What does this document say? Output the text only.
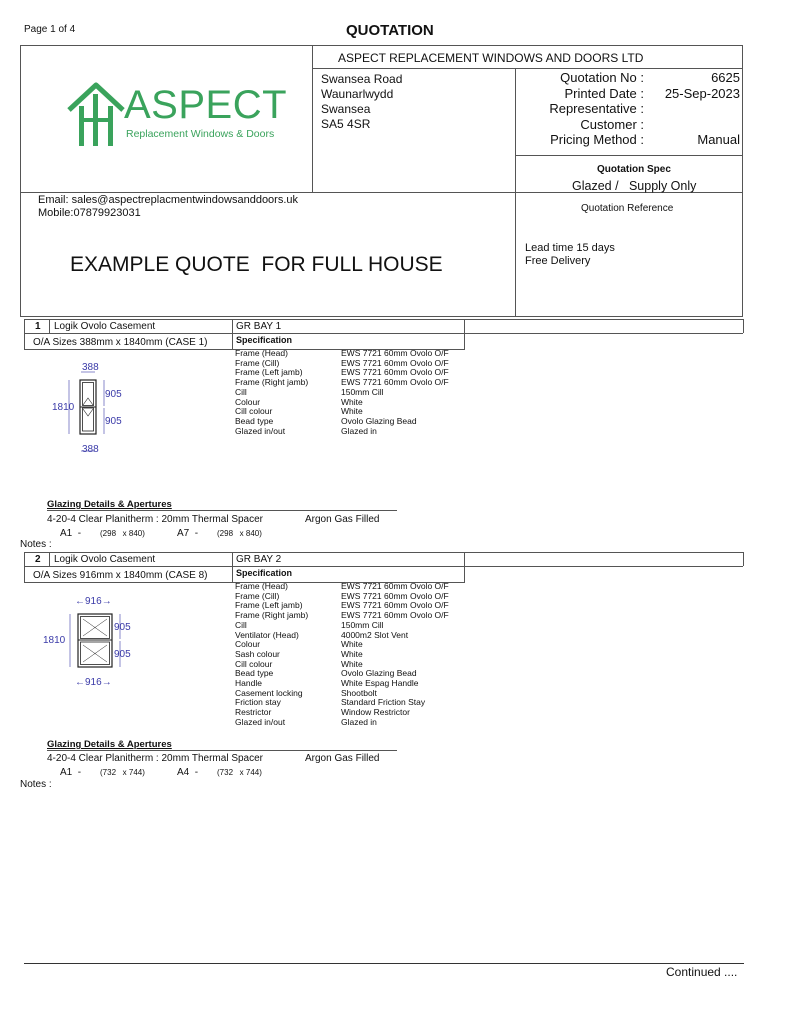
Page 1 of 4	QUOTATION
ASPECT REPLACEMENT WINDOWS AND DOORS LTD
ASPECT
Replacement Windows & Doors
Swansea Road
Waunarlwydd
Swansea
SA5 4SR
Quotation No :	6625
Printed Date : 25-Sep-2023
Representative :
Customer :
Pricing Method :	Manual
Quotation Spec
Glazed /   Supply Only
Quotation Reference
Email: sales@aspectreplacmentwindowsanddoors.uk
Mobile:07879923031
EXAMPLE QUOTE  FOR FULL HOUSE
Lead time 15 days
Free Delivery
1 Logik Ovolo Casement	GR BAY 1
O/A Sizes 388mm x 1840mm (CASE 1)	Specification
388
1810
905
905
388
Frame (Head)	EWS 7721 60mm Ovolo O/F
Frame (Cill)	EWS 7721 60mm Ovolo O/F
Frame (Left jamb)	EWS 7721 60mm Ovolo O/F
Frame (Right jamb)	EWS 7721 60mm Ovolo O/F
Cill	150mm Cill
Colour	White
Cill colour	White
Bead type	Ovolo Glazing Bead
Glazed in/out	Glazed in
Glazing Details & Apertures
4-20-4 Clear Planitherm : 20mm Thermal Spacer	Argon Gas Filled
A1  - (298   x 840)	A7  - (298   x 840)
Notes :
2 Logik Ovolo Casement	GR BAY 2
O/A Sizes 916mm x 1840mm (CASE 8)	Specification
←916→
1810
905
905
←916→
Frame (Head)	EWS 7721 60mm Ovolo O/F
Frame (Cill)	EWS 7721 60mm Ovolo O/F
Frame (Left jamb)	EWS 7721 60mm Ovolo O/F
Frame (Right jamb)	EWS 7721 60mm Ovolo O/F
Cill	150mm Cill
Ventilator (Head)	4000m2 Slot Vent
Colour	White
Sash colour	White
Cill colour	White
Bead type	Ovolo Glazing Bead
Handle	White Espag Handle
Casement locking	Shootbolt
Friction stay	Standard Friction Stay
Restrictor	Window Restrictor
Glazed in/out	Glazed in
Glazing Details & Apertures
4-20-4 Clear Planitherm : 20mm Thermal Spacer	Argon Gas Filled
A1  - (732   x 744)	A4  - (732   x 744)
Notes :
Continued ....
